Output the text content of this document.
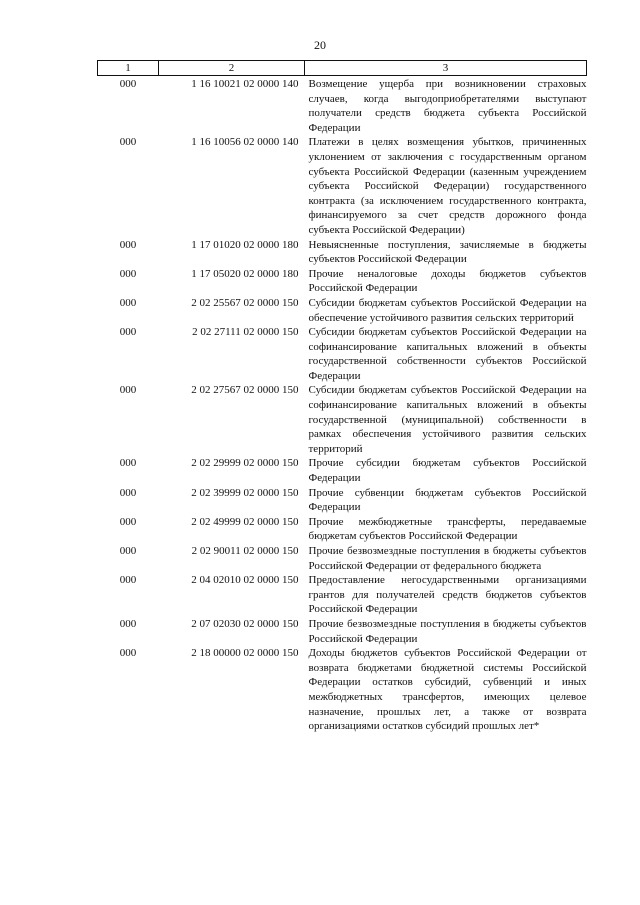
20
1	2	3
000	1 16 10021 02 0000 140	Возмещение ущерба при возникновении страховых случаев, когда выгодоприобретателями выступают получатели средств бюджета субъекта Российской Федерации
000	1 16 10056 02 0000 140	Платежи в целях возмещения убытков, причиненных уклонением от заключения с государственным органом субъекта Российской Федерации (казенным учреждением субъекта Российской Федерации) государственного контракта (за исключением государственного контракта, финансируемого за счет средств дорожного фонда субъекта Российской Федерации)
000	1 17 01020 02 0000 180	Невыясненные поступления, зачисляемые в бюджеты субъектов Российской Федерации
000	1 17 05020 02 0000 180	Прочие неналоговые доходы бюджетов субъектов Российской Федерации
000	2 02 25567 02 0000 150	Субсидии бюджетам субъектов Российской Федерации на обеспечение устойчивого развития сельских территорий
000	2 02 27111 02 0000 150	Субсидии бюджетам субъектов Российской Федерации на софинансирование капитальных вложений в объекты государственной собственности субъектов Российской Федерации
000	2 02 27567 02 0000 150	Субсидии бюджетам субъектов Российской Федерации на софинансирование капитальных вложений в объекты государственной (муниципальной) собственности в рамках обеспечения устойчивого развития сельских территорий
000	2 02 29999 02 0000 150	Прочие субсидии бюджетам субъектов Российской Федерации
000	2 02 39999 02 0000 150	Прочие субвенции бюджетам субъектов Российской Федерации
000	2 02 49999 02 0000 150	Прочие межбюджетные трансферты, передаваемые бюджетам субъектов Российской Федерации
000	2 02 90011 02 0000 150	Прочие безвозмездные поступления в бюджеты субъектов Российской Федерации от федерального бюджета
000	2 04 02010 02 0000 150	Предоставление негосударственными организациями грантов для получателей средств бюджетов субъектов Российской Федерации
000	2 07 02030 02 0000 150	Прочие безвозмездные поступления в бюджеты субъектов Российской Федерации
000	2 18 00000 02 0000 150	Доходы бюджетов субъектов Российской Федерации от возврата бюджетами бюджетной системы Российской Федерации остатков субсидий, субвенций и иных межбюджетных трансфертов, имеющих целевое назначение, прошлых лет, а также от возврата организациями остатков субсидий прошлых лет*
